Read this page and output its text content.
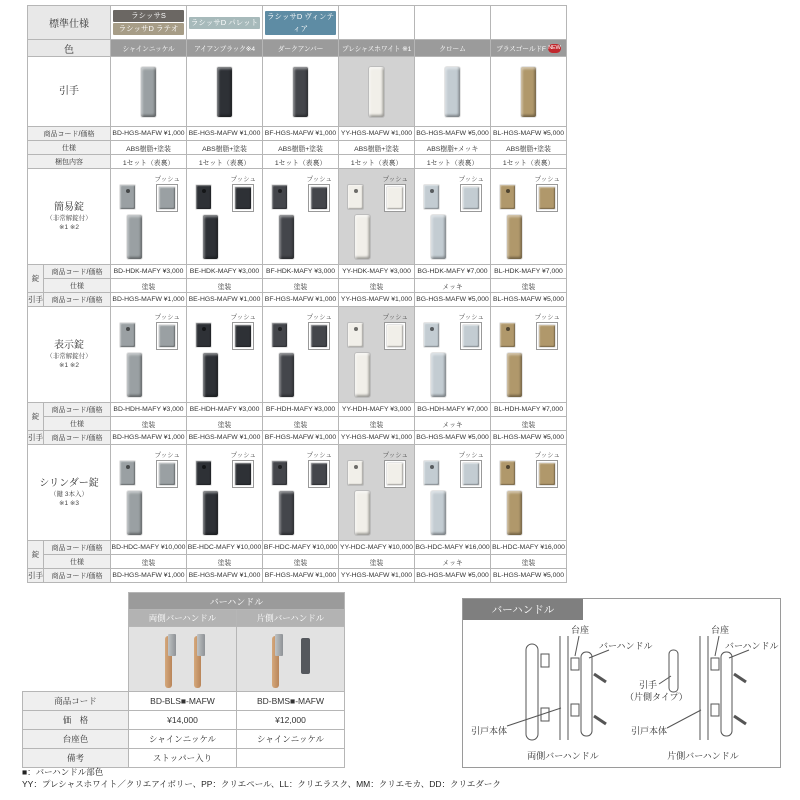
標準仕様		ラシッサS
ラシッサD ラテオ	ラシッサD パレット	ラシッサD ヴィンティア			

色		シャインニッケル	アイアンブラック※4	ダークアンバー	プレシャスホワイト ※1	クローム	ブラスゴールドF NEW
引手		

商品コード/価格		BD-HGS-MAFW ¥1,000	BE-HGS-MAFW ¥1,000	BF-HGS-MAFW ¥1,000	YY-HGS-MAFW ¥1,000	BG-HGS-MAFW ¥5,000	BL-HGS-MAFW ¥5,000
仕様		ABS樹脂+塗装	ABS樹脂+塗装	ABS樹脂+塗装	ABS樹脂+塗装	ABS樹脂+メッキ	ABS樹脂+塗装
梱包内容		1セット（表裏）	1セット（表裏）	1セット（表裏）	1セット（表裏）	1セット（表裏）	1セット（表裏）

簡易錠
（非常解錠付）
※1 ※2		プッシュ	プッシュ	プッシュ	プッシュ	プッシュ	プッシュ

錠	商品コード/価格	BD-HDK-MAFY ¥3,000	BE-HDK-MAFY ¥3,000	BF-HDK-MAFY ¥3,000	YY-HDK-MAFY ¥3,000	BG-HDK-MAFY ¥7,000	BL-HDK-MAFY ¥7,000
	仕様	塗装	塗装	塗装	塗装	メッキ	塗装
引手	商品コード/価格	BD-HGS-MAFW ¥1,000	BE-HGS-MAFW ¥1,000	BF-HGS-MAFW ¥1,000	YY-HGS-MAFW ¥1,000	BG-HGS-MAFW ¥5,000	BL-HGS-MAFW ¥5,000

表示錠
（非常解錠付）
※1 ※2		プッシュ	プッシュ	プッシュ	プッシュ	プッシュ	プッシュ

錠	商品コード/価格	BD-HDH-MAFY ¥3,000	BE-HDH-MAFY ¥3,000	BF-HDH-MAFY ¥3,000	YY-HDH-MAFY ¥3,000	BG-HDH-MAFY ¥7,000	BL-HDH-MAFY ¥7,000
	仕様	塗装	塗装	塗装	塗装	メッキ	塗装
引手	商品コード/価格	BD-HGS-MAFW ¥1,000	BE-HGS-MAFW ¥1,000	BF-HGS-MAFW ¥1,000	YY-HGS-MAFW ¥1,000	BG-HGS-MAFW ¥5,000	BL-HGS-MAFW ¥5,000

シリンダー錠
（鍵 3本入）
※1 ※3		プッシュ	プッシュ	プッシュ	プッシュ	プッシュ	プッシュ

錠	商品コード/価格	BD-HDC-MAFY ¥10,000	BE-HDC-MAFY ¥10,000	BF-HDC-MAFY ¥10,000	YY-HDC-MAFY ¥10,000	BG-HDC-MAFY ¥16,000	BL-HDC-MAFY ¥16,000
	仕様	塗装	塗装	塗装	塗装	メッキ	塗装
引手	商品コード/価格	BD-HGS-MAFW ¥1,000	BE-HGS-MAFW ¥1,000	BF-HGS-MAFW ¥1,000	YY-HGS-MAFW ¥1,000	BG-HGS-MAFW ¥5,000	BL-HGS-MAFW ¥5,000
	バーハンドル	
	両側バーハンドル	片側バーハンドル

商品コード	BD-BLS■-MAFW	BD-BMS■-MAFW
価　格	¥14,000	¥12,000
台座色	シャインニッケル	シャインニッケル
備考	ストッパー入り	
バーハンドル
台座
バーハンドル
引戸本体
台座
バーハンドル
引手
（片側タイプ）
引戸本体
両側バーハンドル	片側バーハンドル
■：バーハンドル部色
YY：プレシャスホワイト／クリエアイボリー、PP：クリエペール、LL：クリエラスク、MM：クリエモカ、DD：クリエダーク
